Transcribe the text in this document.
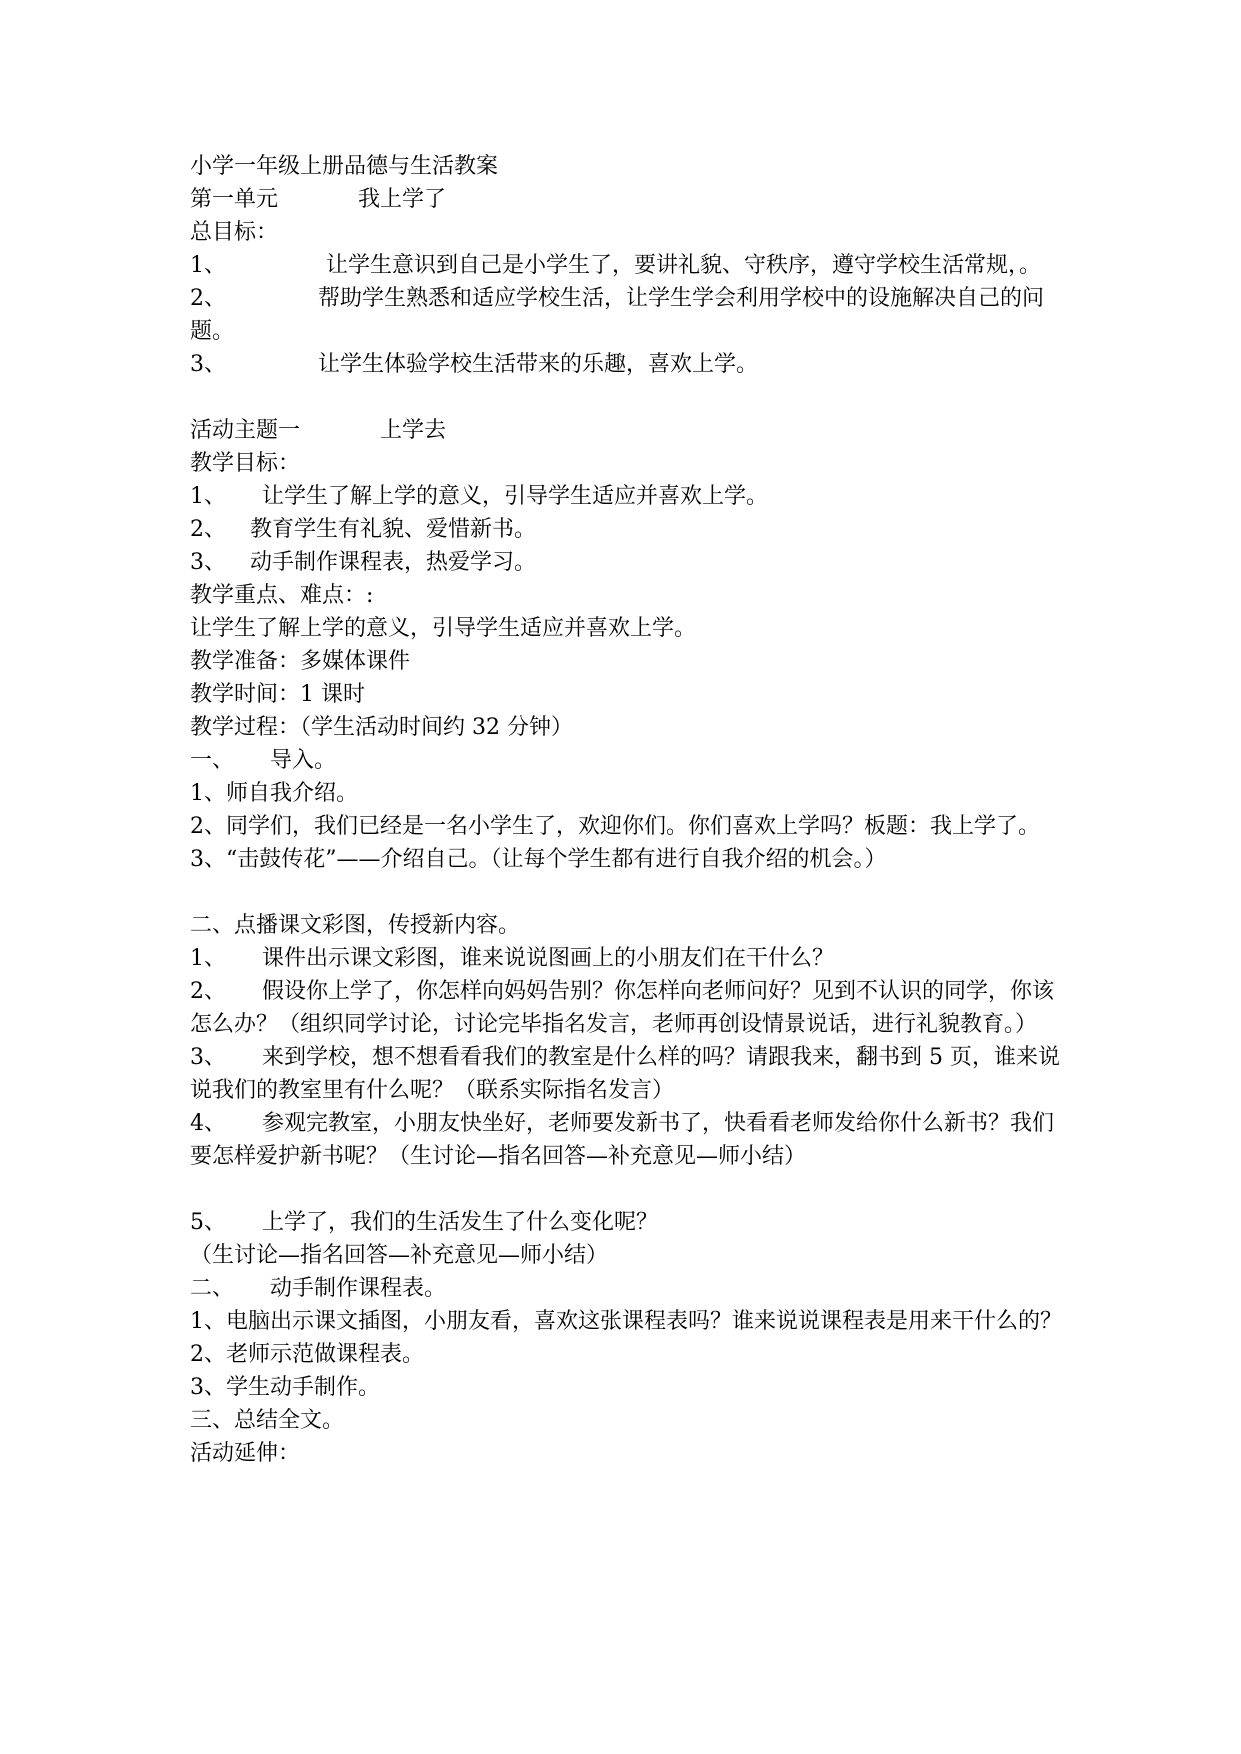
小学一年级上册品德与生活教案

第一单元	我上学了

总目标：

1、	让学生意识到自己是小学生了，要讲礼貌、守秩序，遵守学校生活常规，。

2、	帮助学生熟悉和适应学校生活，让学生学会利用学校中的设施解决自己的问题。

3、	让学生体验学校生活带来的乐趣，喜欢上学。

活动主题一	上学去

教学目标：

1、 让学生了解上学的意义，引导学生适应并喜欢上学。

2、 教育学生有礼貌、爱惜新书。

3、 动手制作课程表，热爱学习。

教学重点、难点：:

让学生了解上学的意义，引导学生适应并喜欢上学。

教学准备：多媒体课件

教学时间：1 课时

教学过程：（学生活动时间约 32 分钟）

一、 导入。

1、师自我介绍。

2、同学们，我们已经是一名小学生了，欢迎你们。你们喜欢上学吗？板题：我上学了。

3、“击鼓传花”——介绍自己。（让每个学生都有进行自我介绍的机会。）

二、点播课文彩图，传授新内容。

1、 课件出示课文彩图，谁来说说图画上的小朋友们在干什么？

2、 假设你上学了，你怎样向妈妈告别？你怎样向老师问好？见到不认识的同学，你该怎么办？（组织同学讨论，讨论完毕指名发言，老师再创设情景说话，进行礼貌教育。）

3、 来到学校，想不想看看我们的教室是什么样的吗？请跟我来，翻书到 5 页，谁来说说我们的教室里有什么呢？（联系实际指名发言）

4、 参观完教室，小朋友快坐好，老师要发新书了，快看看老师发给你什么新书？我们要怎样爱护新书呢？（生讨论—指名回答—补充意见—师小结）

5、 上学了，我们的生活发生了什么变化呢？

（生讨论—指名回答—补充意见—师小结）

二、 动手制作课程表。

1、电脑出示课文插图，小朋友看，喜欢这张课程表吗？谁来说说课程表是用来干什么的？

2、老师示范做课程表。

3、学生动手制作。

三、总结全文。

活动延伸：
